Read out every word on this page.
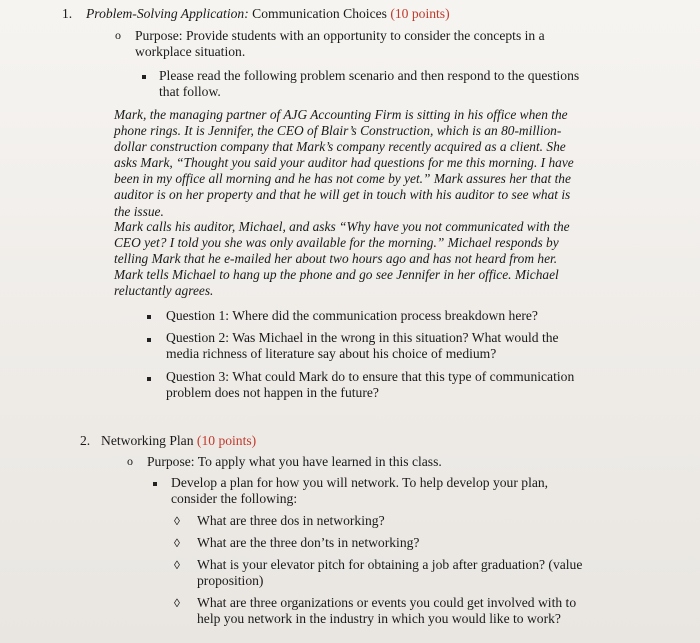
1. Problem-Solving Application: Communication Choices (10 points)
o Purpose: Provide students with an opportunity to consider the concepts in a
workplace situation.
Please read the following problem scenario and then respond to the questions
that follow.
Mark, the managing partner of AJG Accounting Firm is sitting in his office when the
phone rings. It is Jennifer, the CEO of Blair’s Construction, which is an 80-million-
dollar construction company that Mark’s company recently acquired as a client. She
asks Mark, “Thought you said your auditor had questions for me this morning. I have
been in my office all morning and he has not come by yet.” Mark assures her that the
auditor is on her property and that he will get in touch with his auditor to see what is
the issue.
Mark calls his auditor, Michael, and asks “Why have you not communicated with the
CEO yet? I told you she was only available for the morning.” Michael responds by
telling Mark that he e-mailed her about two hours ago and has not heard from her.
Mark tells Michael to hang up the phone and go see Jennifer in her office. Michael
reluctantly agrees.
Question 1: Where did the communication process breakdown here?
Question 2: Was Michael in the wrong in this situation? What would the
media richness of literature say about his choice of medium?
Question 3: What could Mark do to ensure that this type of communication
problem does not happen in the future?
2. Networking Plan (10 points)
o Purpose: To apply what you have learned in this class.
Develop a plan for how you will network. To help develop your plan,
consider the following:
◊ What are three dos in networking?
◊ What are the three don’ts in networking?
◊ What is your elevator pitch for obtaining a job after graduation? (value
proposition)
◊ What are three organizations or events you could get involved with to
help you network in the industry in which you would like to work?
